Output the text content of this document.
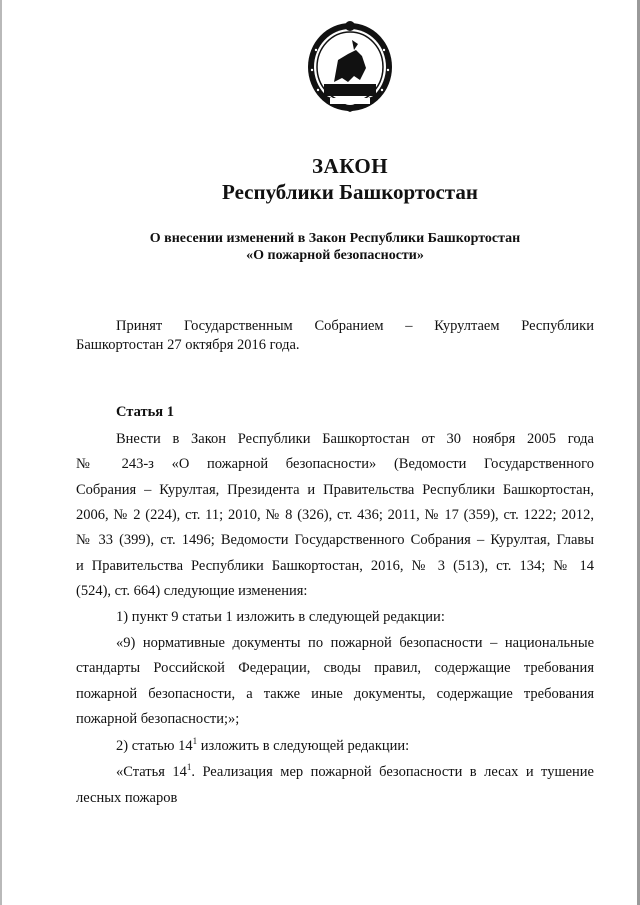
ЗАКОН
Республики Башкортостан
О внесении изменений в Закон Республики Башкортостан
«О пожарной безопасности»
Принят Государственным Собранием – Курултаем Республики
Башкортостан 27 октября 2016 года.
Статья 1
Внести в Закон Республики Башкортостан от 30 ноября 2005 года
№ 243-з «О пожарной безопасности» (Ведомости Государственного
Собрания – Курултая, Президента и Правительства Республики Башкортостан,
2006, № 2 (224), ст. 11; 2010, № 8 (326), ст. 436; 2011, № 17 (359), ст. 1222; 2012,
№ 33 (399), ст. 1496; Ведомости Государственного Собрания – Курултая, Главы
и Правительства Республики Башкортостан, 2016, № 3 (513), ст. 134; № 14
(524), ст. 664) следующие изменения:
1) пункт 9 статьи 1 изложить в следующей редакции:
«9) нормативные документы по пожарной безопасности – национальные
стандарты Российской Федерации, своды правил, содержащие требования
пожарной безопасности, а также иные документы, содержащие требования
пожарной безопасности;»;
2) статью $14^1$ изложить в следующей редакции:
«Статья $14^1$. Реализация мер пожарной безопасности в лесах и тушение
лесных пожаров
